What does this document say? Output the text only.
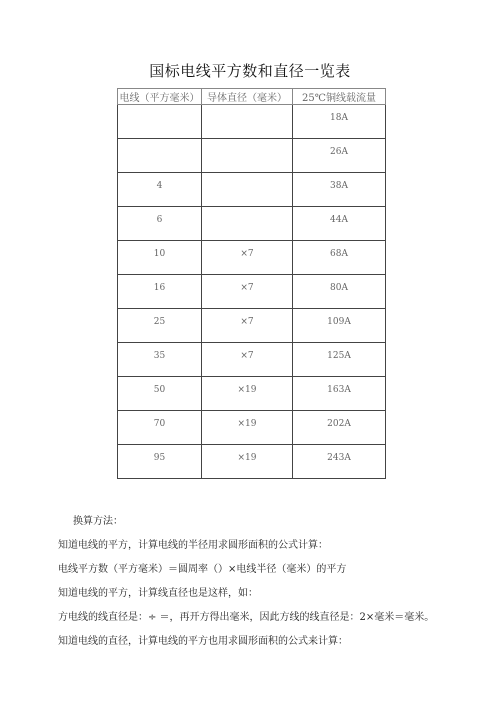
国标电线平方数和直径一览表
电线（平方毫米）	导体直径（毫米）	25℃铜线载流量
		18A
		26A
4		38A
6		44A
10	×7	68A
16	×7	80A
25	×7	109A
35	×7	125A
50	×19	163A
70	×19	202A
95	×19	243A
换算方法：
知道电线的平方，计算电线的半径用求圆形面积的公式计算：
电线平方数（平方毫米）＝圆周率（）×电线半径（毫米）的平方
知道电线的平方，计算线直径也是这样，如：
方电线的线直径是：÷ ＝，再开方得出毫米，因此方线的线直径是：2×毫米＝毫米。
知道电线的直径，计算电线的平方也用求圆形面积的公式来计算：
